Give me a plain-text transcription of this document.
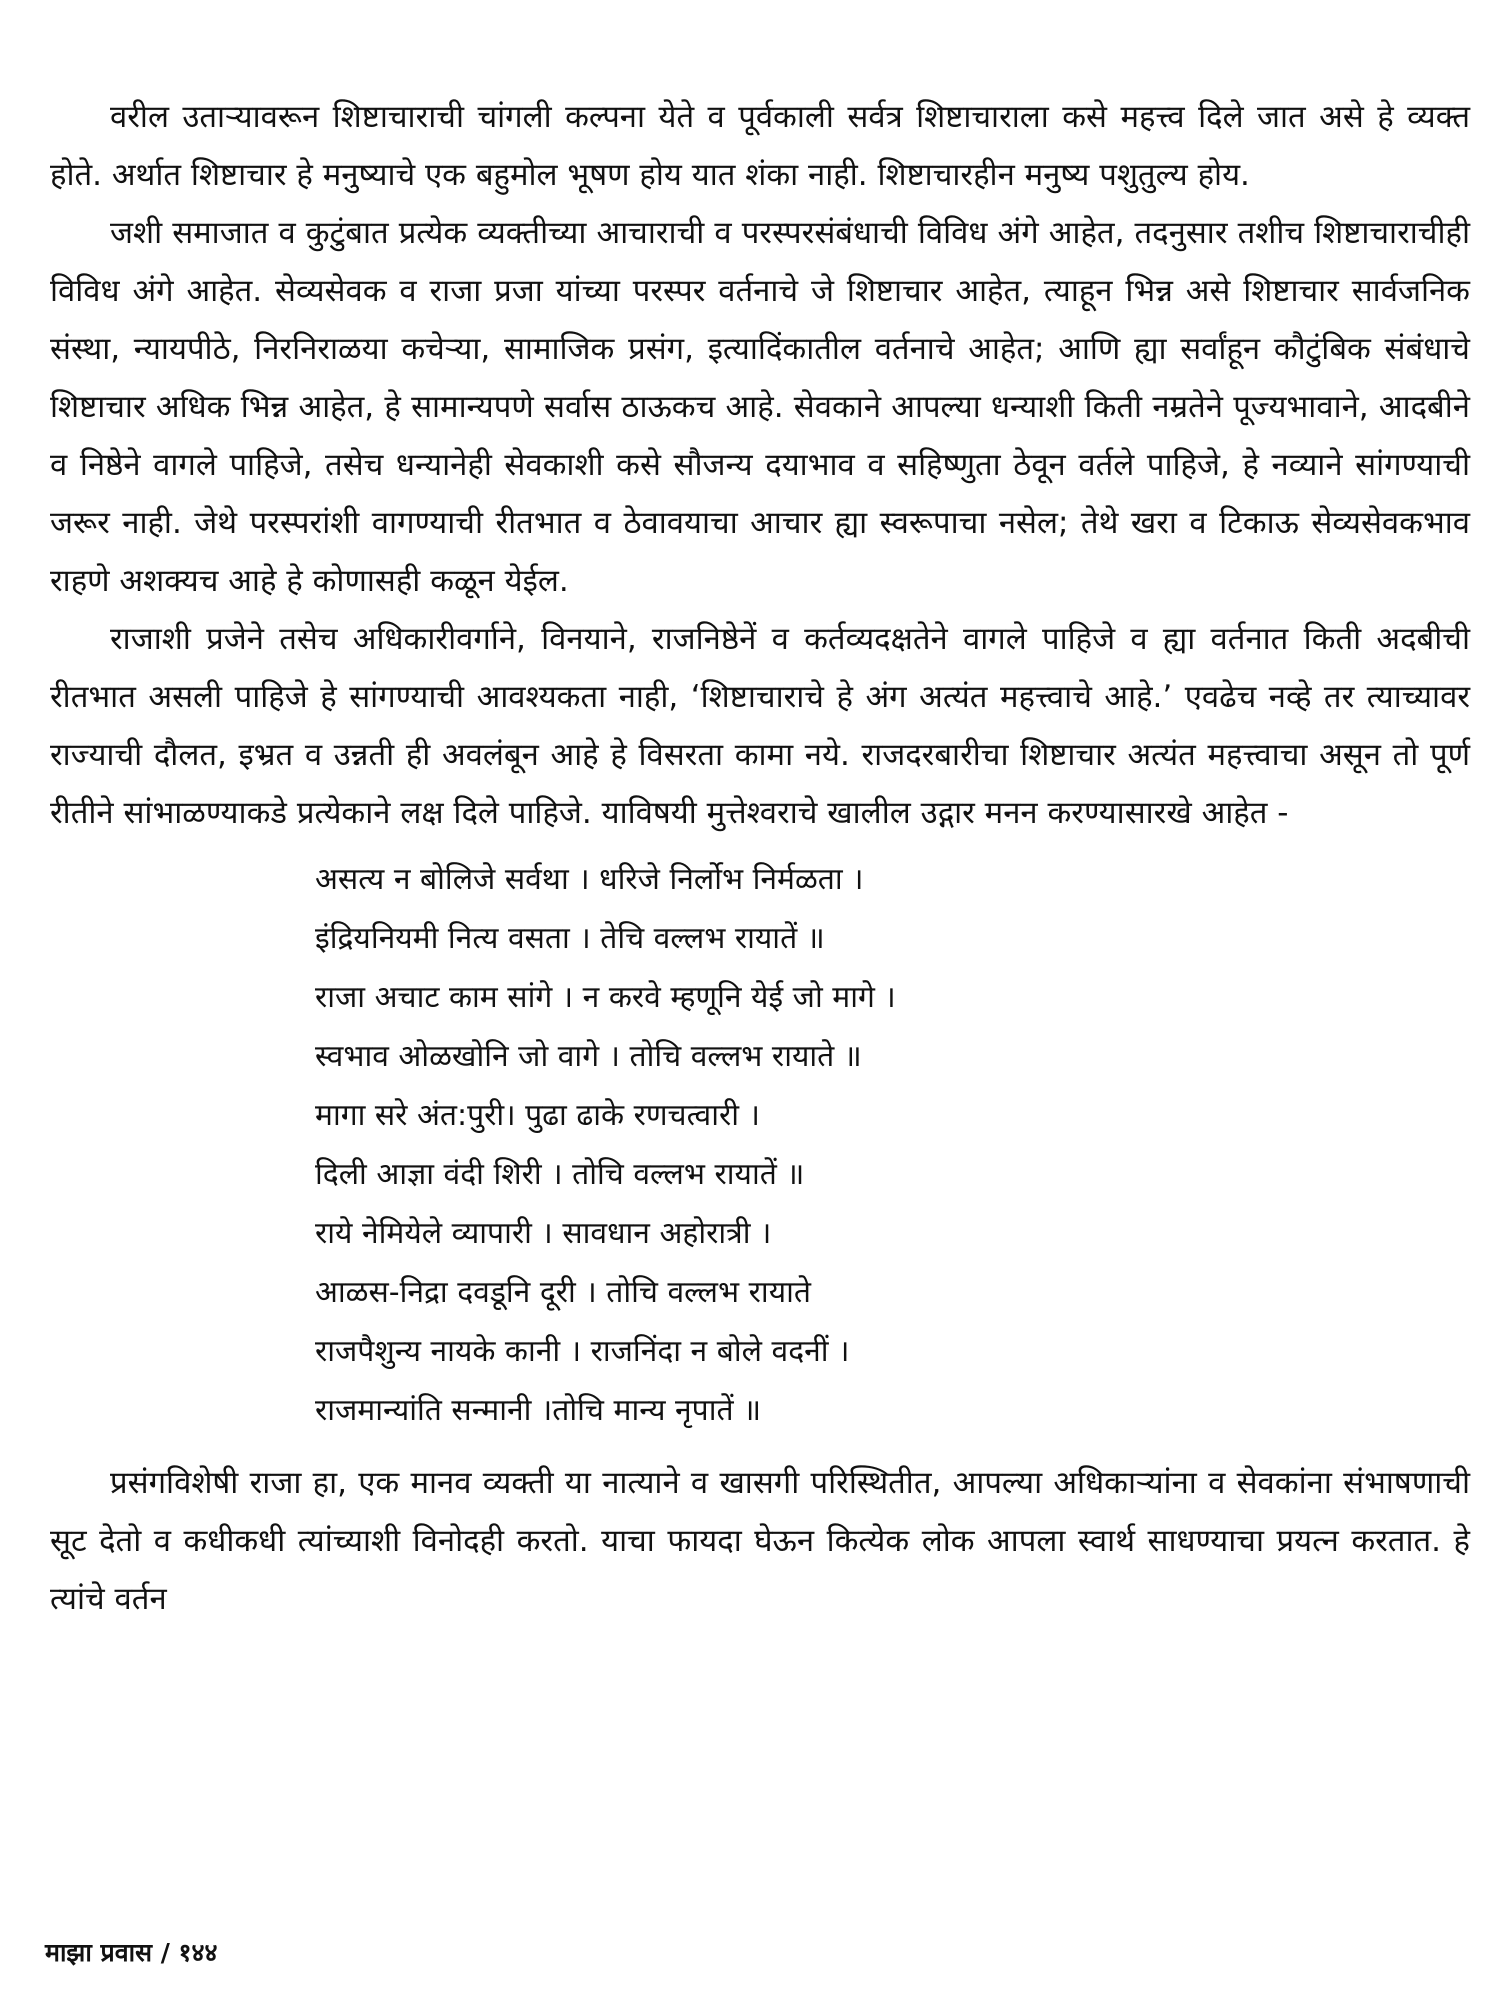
वरील उताऱ्यावरून शिष्टाचाराची चांगली कल्पना येते व पूर्वकाली सर्वत्र शिष्टाचाराला कसे महत्त्व दिले जात असे हे व्यक्त होते. अर्थात शिष्टाचार हे मनुष्याचे एक बहुमोल भूषण होय यात शंका नाही. शिष्टाचारहीन मनुष्य पशुतुल्य होय.

जशी समाजात व कुटुंबात प्रत्येक व्यक्तीच्या आचाराची व परस्परसंबंधाची विविध अंगे आहेत, तदनुसार तशीच शिष्टाचाराचीही विविध अंगे आहेत. सेव्यसेवक व राजा प्रजा यांच्या परस्पर वर्तनाचे जे शिष्टाचार आहेत, त्याहून भिन्न असे शिष्टाचार सार्वजनिक संस्था, न्यायपीठे, निरनिराळया कचेऱ्या, सामाजिक प्रसंग, इत्यादिंकातील वर्तनाचे आहेत; आणि ह्या सर्वांहून कौटुंबिक संबंधाचे शिष्टाचार अधिक भिन्न आहेत, हे सामान्यपणे सर्वास ठाऊकच आहे. सेवकाने आपल्या धन्याशी किती नम्रतेने पूज्यभावाने, आदबीने व निष्ठेने वागले पाहिजे, तसेच धन्यानेही सेवकाशी कसे सौजन्य दयाभाव व सहिष्णुता ठेवून वर्तले पाहिजे, हे नव्याने सांगण्याची जरूर नाही. जेथे परस्परांशी वागण्याची रीतभात व ठेवावयाचा आचार ह्या स्वरूपाचा नसेल; तेथे खरा व टिकाऊ सेव्यसेवकभाव राहणे अशक्यच आहे हे कोणासही कळून येईल.

राजाशी प्रजेने तसेच अधिकारीवर्गाने, विनयाने, राजनिष्ठेनें व कर्तव्यदक्षतेने वागले पाहिजे व ह्या वर्तनात किती अदबीची रीतभात असली पाहिजे हे सांगण्याची आवश्यकता नाही, ‘शिष्टाचाराचे हे अंग अत्यंत महत्त्वाचे आहे.’ एवढेच नव्हे तर त्याच्यावर राज्याची दौलत, इभ्रत व उन्नती ही अवलंबून आहे हे विसरता कामा नये. राजदरबारीचा शिष्टाचार अत्यंत महत्त्वाचा असून तो पूर्ण रीतीने सांभाळण्याकडे प्रत्येकाने लक्ष दिले पाहिजे. याविषयी मुत्तेश्वराचे खालील उद्गार मनन करण्यासारखे आहेत -

असत्य न बोलिजे सर्वथा । धरिजे निर्लोभ निर्मळता ।
इंद्रियनियमी नित्य वसता । तेचि वल्लभ रायातें ॥
राजा अचाट काम सांगे । न करवे म्हणूनि येई जो मागे ।
स्वभाव ओळखोनि जो वागे । तोचि वल्लभ रायाते ॥
मागा सरे अंत:पुरी। पुढा ढाके रणचत्वारी ।
दिली आज्ञा वंदी शिरी । तोचि वल्लभ रायातें ॥
राये नेमियेले व्यापारी । सावधान अहोरात्री ।
आळस-निद्रा दवडूनि दूरी । तोचि वल्लभ रायाते
राजपैशुन्य नायके कानी । राजनिंदा न बोले वदनीं ।
राजमान्यांति सन्मानी ।तोचि मान्य नृपातें ॥

प्रसंगविशेषी राजा हा, एक मानव व्यक्ती या नात्याने व खासगी परिस्थितीत, आपल्या अधिकाऱ्यांना व सेवकांना संभाषणाची सूट देतो व कधीकधी त्यांच्याशी विनोदही करतो. याचा फायदा घेऊन कित्येक लोक आपला स्वार्थ साधण्याचा प्रयत्न करतात. हे त्यांचे वर्तन

माझा प्रवास / १४४
